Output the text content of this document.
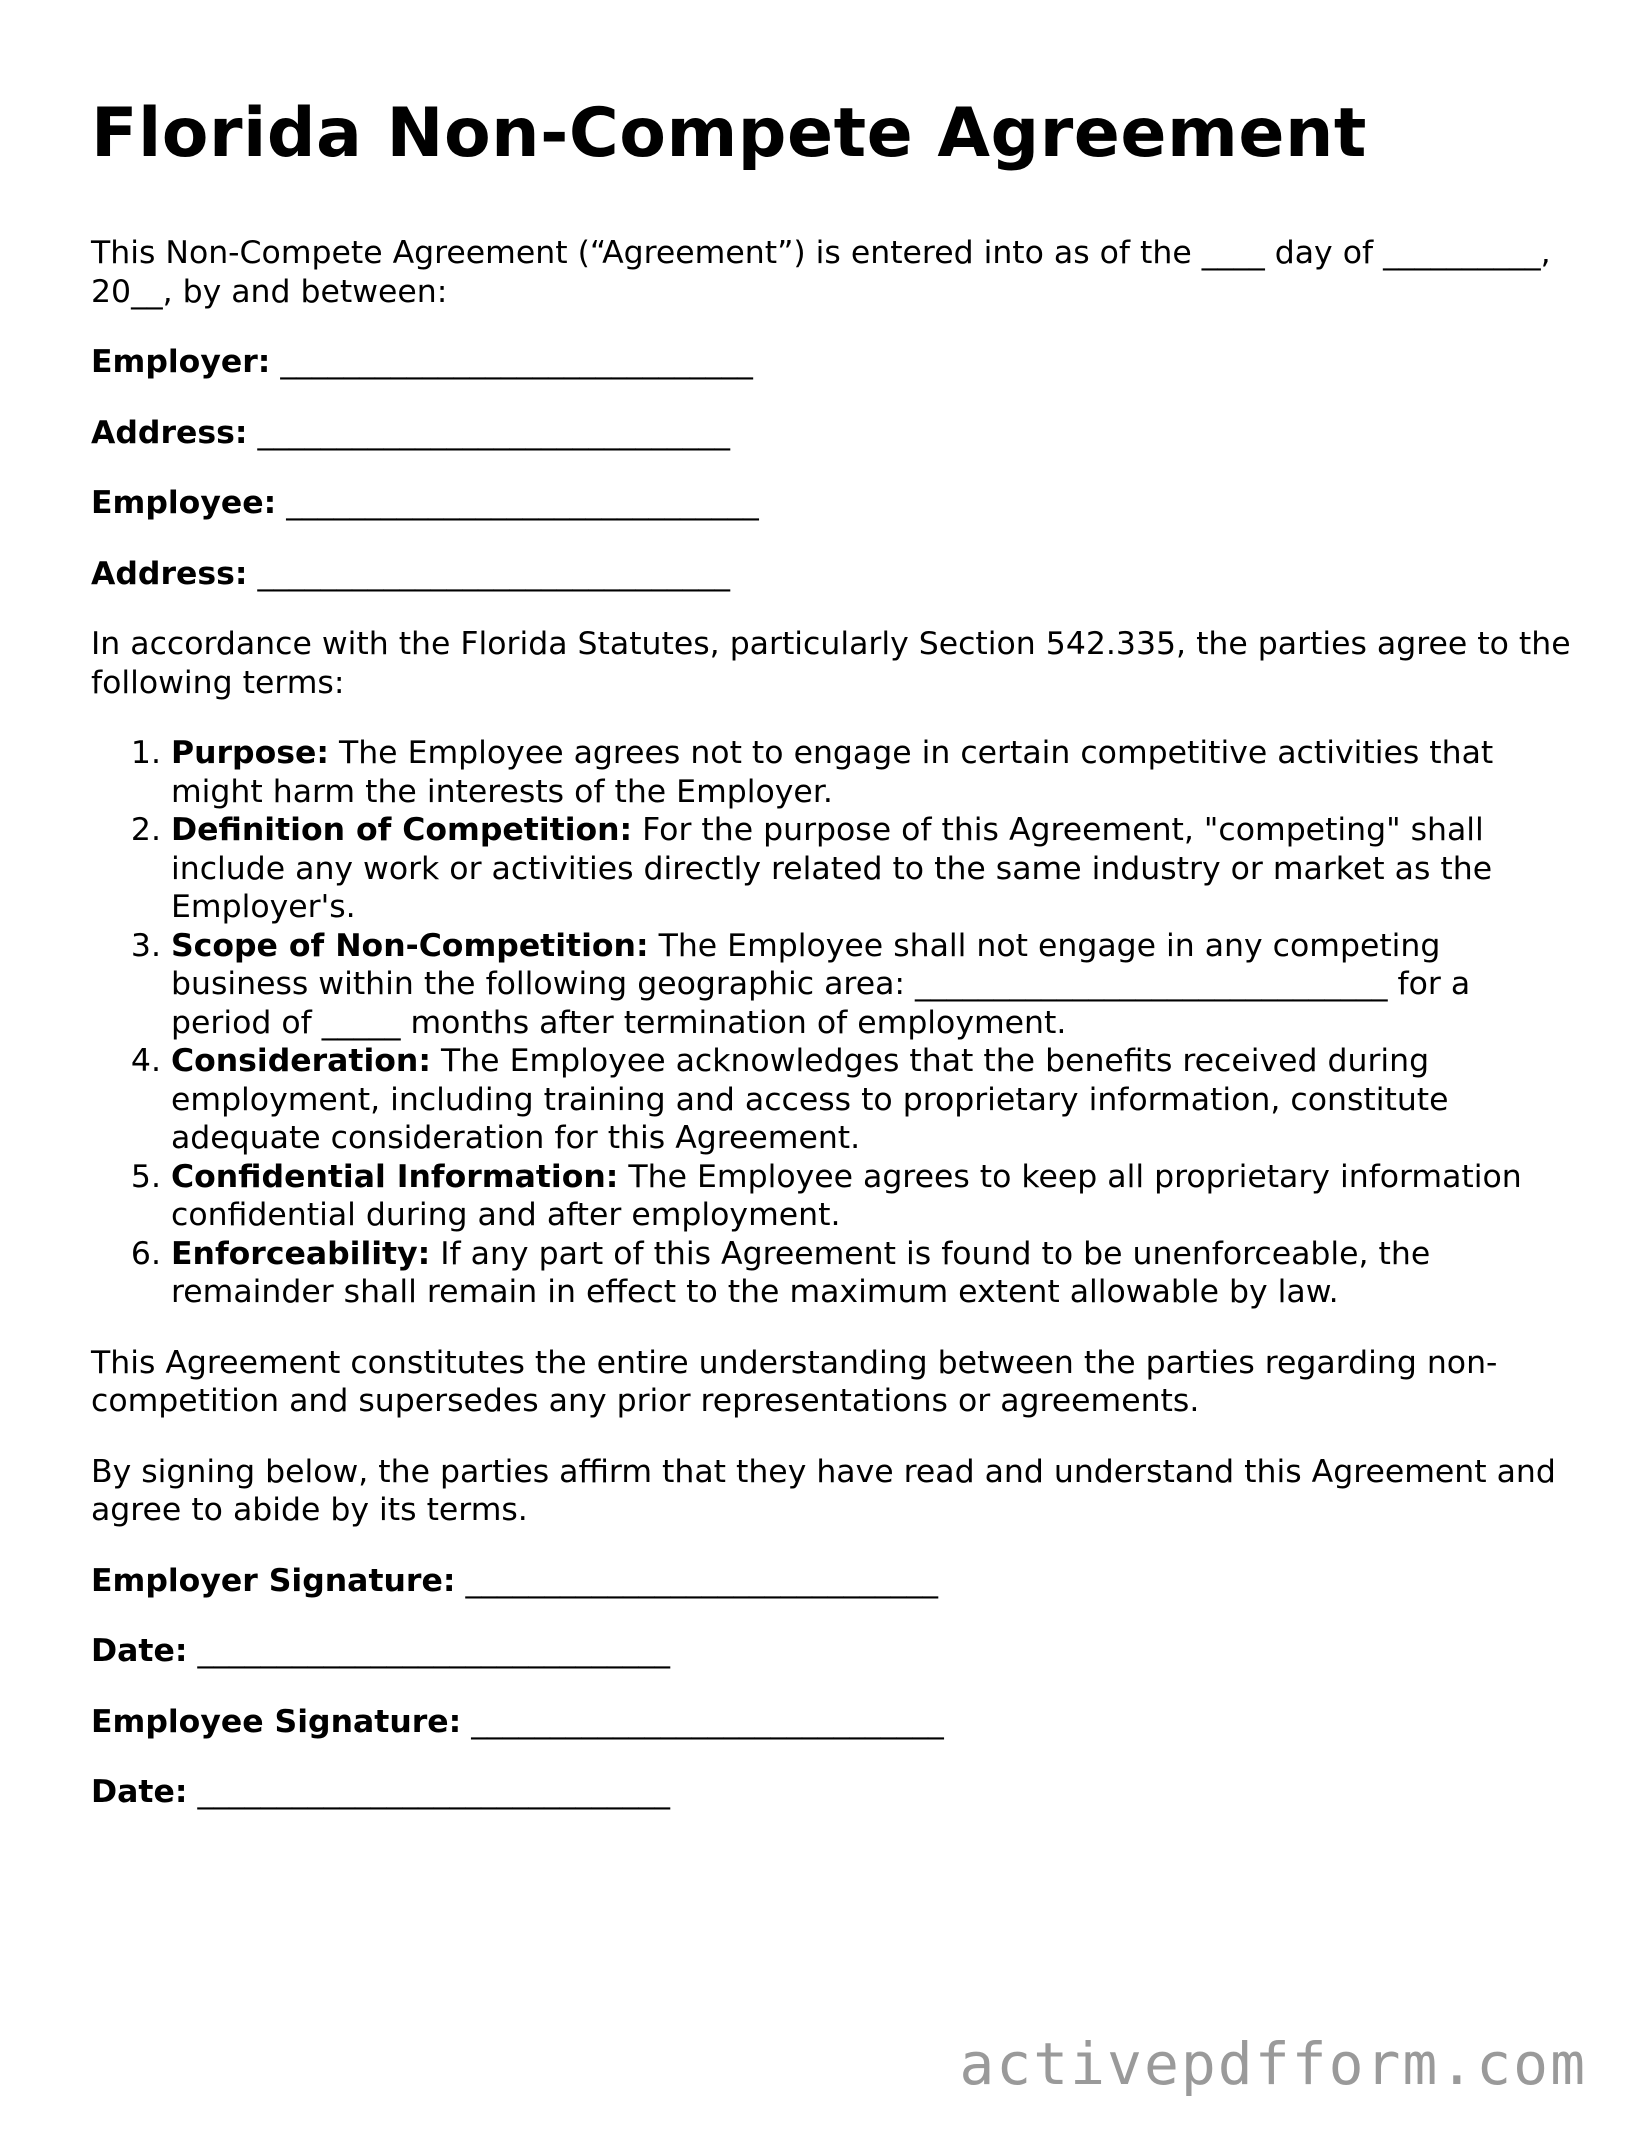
Florida Non-Compete Agreement

This Non-Compete Agreement (“Agreement”) is entered into as of the ____ day of __________, 20__, by and between:

Employer: ______________________________

Address: ______________________________

Employee: ______________________________

Address: ______________________________

In accordance with the Florida Statutes, particularly Section 542.335, the parties agree to the following terms:

1. Purpose: The Employee agrees not to engage in certain competitive activities that might harm the interests of the Employer.
2. Definition of Competition: For the purpose of this Agreement, "competing" shall include any work or activities directly related to the same industry or market as the Employer's.
3. Scope of Non-Competition: The Employee shall not engage in any competing business within the following geographic area: ______________________________ for a period of _____ months after termination of employment.
4. Consideration: The Employee acknowledges that the benefits received during employment, including training and access to proprietary information, constitute adequate consideration for this Agreement.
5. Confidential Information: The Employee agrees to keep all proprietary information confidential during and after employment.
6. Enforceability: If any part of this Agreement is found to be unenforceable, the remainder shall remain in effect to the maximum extent allowable by law.

This Agreement constitutes the entire understanding between the parties regarding non-competition and supersedes any prior representations or agreements.

By signing below, the parties affirm that they have read and understand this Agreement and agree to abide by its terms.

Employer Signature: ______________________________

Date: ______________________________

Employee Signature: ______________________________

Date: ______________________________

activepdfform.com
